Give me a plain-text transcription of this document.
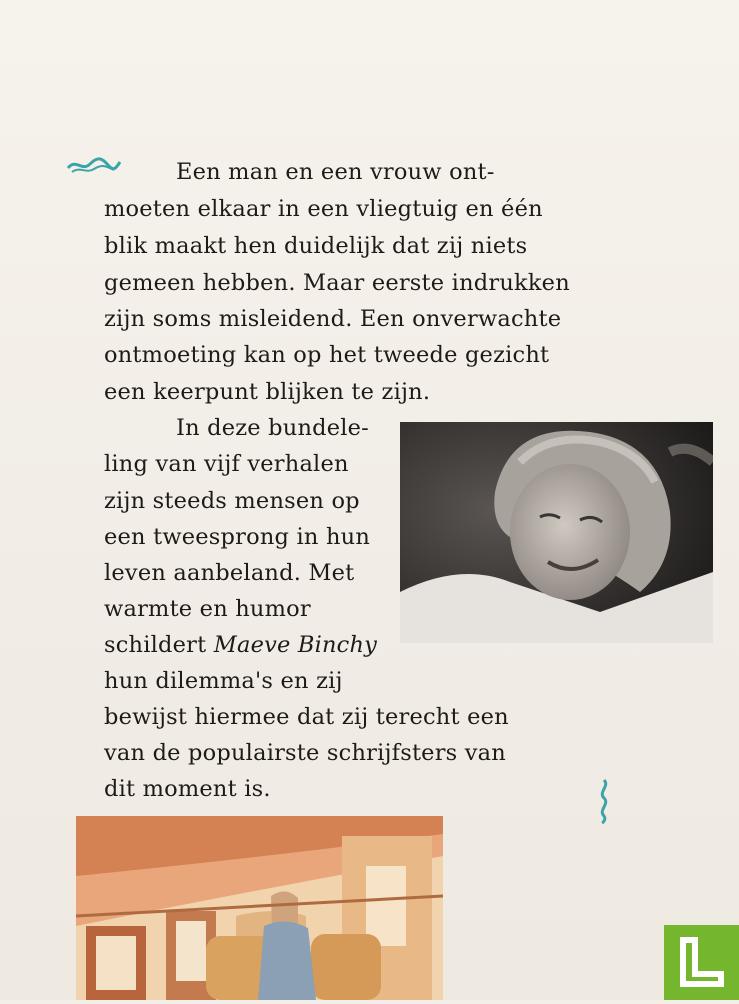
Een man en een vrouw ont-
moeten elkaar in een vliegtuig en één
blik maakt hen duidelijk dat zij niets
gemeen hebben. Maar eerste indrukken
zijn soms misleidend. Een onverwachte
ontmoeting kan op het tweede gezicht
een keerpunt blijken te zijn.
In deze bundele-
ling van vijf verhalen
zijn steeds mensen op
een tweesprong in hun
leven aanbeland. Met
warmte en humor
schildert Maeve Binchy
hun dilemma's en zij
bewijst hiermee dat zij terecht een
van de populairste schrijfsters van
dit moment is.
